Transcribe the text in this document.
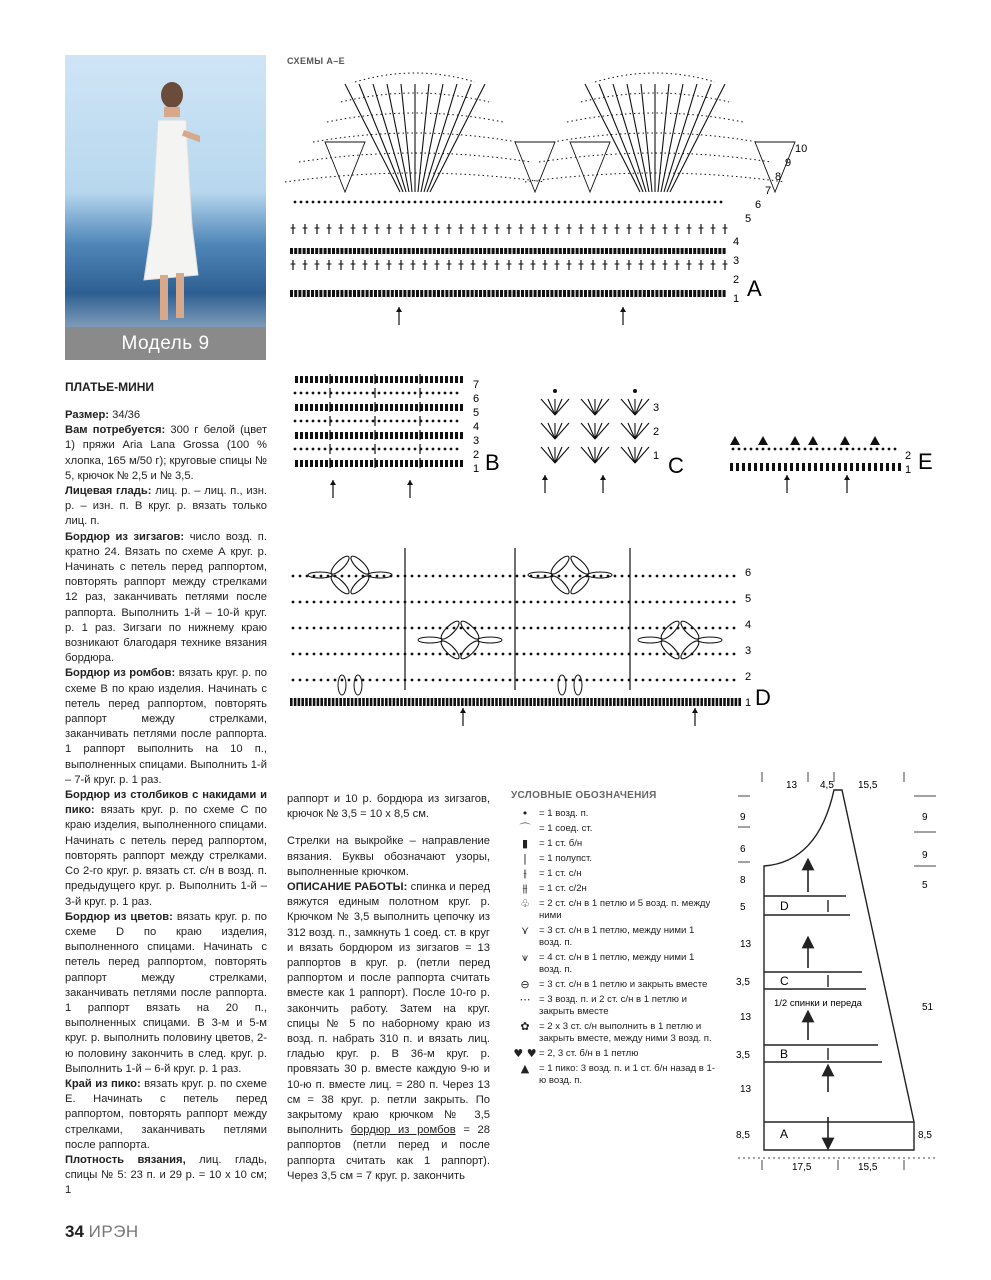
Модель 9
ПЛАТЬЕ-МИНИ

Размер: 34/36

Вам потребуется: 300 г белой (цвет 1) пряжи Aria Lana Grossa (100 % хлопка, 165 м/50 г); круговые спицы № 5, крючок № 2,5 и № 3,5.

Лицевая гладь: лиц. р. – лиц. п., изн. р. – изн. п. В круг. р. вязать только лиц. п.

Бордюр из зигзагов: число возд. п. кратно 24. Вязать по схеме А круг. р. Начинать с петель перед раппортом, повторять раппорт между стрелками 12 раз, заканчивать петлями после раппорта. Выполнить 1-й – 10-й круг. р. 1 раз. Зигзаги по нижнему краю возникают благодаря технике вязания бордюра.

Бордюр из ромбов: вязать круг. р. по схеме В по краю изделия. Начинать с петель перед раппортом, повторять раппорт между стрелками, заканчивать петлями после раппорта. 1 раппорт выполнить на 10 п., выполненных спицами. Выполнить 1-й – 7-й круг. р. 1 раз.

Бордюр из столбиков с накидами и пико: вязать круг. р. по схеме С по краю изделия, выполненного спицами. Начинать с петель перед раппортом, повторять раппорт между стрелками. Со 2-го круг. р. вязать ст. с/н в возд. п. предыдущего круг. р. Выполнить 1-й – 3-й круг. р. 1 раз.

Бордюр из цветов: вязать круг. р. по схеме D по краю изделия, выполненного спицами. Начинать с петель перед раппортом, повторять раппорт между стрелками, заканчивать петлями после раппорта. 1 раппорт вязать на 20 п., выполненных спицами. В 3-м и 5-м круг. р. выполнить половину цветов, 2-ю половину закончить в след. круг. р. Выполнить 1-й – 6-й круг. р. 1 раз.

Край из пико: вязать круг. р. по схеме Е. Начинать с петель перед раппортом, повторять раппорт между стрелками, заканчивать петлями после раппорта.

Плотность вязания, лиц. гладь, спицы № 5: 23 п. и 29 р. = 10 х 10 см; 1

раппорт и 10 р. бордюра из зигзагов, крючок № 3,5 = 10 х 8,5 см.

Стрелки на выкройке – направление вязания. Буквы обозначают узоры, выполненные крючком.

ОПИСАНИЕ РАБОТЫ: спинка и перед вяжутся единым полотном круг. р. Крючком № 3,5 выполнить цепочку из 312 возд. п., замкнуть 1 соед. ст. в круг и вязать бордюром из зигзагов = 13 раппортов в круг. р. (петли перед раппортом и после раппорта считать вместе как 1 раппорт). После 10-го р. закончить работу. Затем на круг. спицы № 5 по наборному краю из возд. п. набрать 310 п. и вязать лиц. гладью круг. р. В 36-м круг. р. провязать 30 р. вместе каждую 9-ю и 10-ю п. вместе лиц. = 280 п. Через 13 см = 38 круг. р. петли закрыть. По закрытому краю крючком № 3,5 выполнить бордюр из ромбов = 28 раппортов (петли перед и после раппорта считать как 1 раппорт). Через 3,5 см = 7 круг. р. закончить

СХЕМЫ А–Е
A
1
2
3
4
5
6
7
8
9
10
B
1
2
3
4
5
6
7
C
1
2
3
E
1
2
D
1
2
3
4
5
6
УСЛОВНЫЕ ОБОЗНАЧЕНИЯ
•	= 1 возд. п.
⌒ = 1 соед. ст.
▮	= 1 ст. б/н
|	= 1 полупст.
⫲	= 1 ст. с/н
⫵	= 1 ст. с/2н
♧ = 2 ст. с/н в 1 петлю и 5 возд. п. между ними
⋎	= 3 ст. с/н в 1 петлю, между ними 1 возд. п.
⩛	= 4 ст. с/н в 1 петлю, между ними 1 возд. п.
⊖ = 3 ст. с/н в 1 петлю и закрыть вместе
⋯ = 3 возд. п. и 2 ст. с/н в 1 петлю и закрыть вместе
✿ = 2 х 3 ст. с/н выполнить в 1 петлю и закрыть вместе, между ними 3 возд. п.
♥ ♥ = 2, 3 ст. б/н в 1 петлю
▲	= 1 пико: 3 возд. п. и 1 ст. б/н назад в 1-ю возд. п.
D
C
B
A
1/2 спинки и переда
13 4,5 15,5
17,5	15,5
9
6
8
5
13
3,5
13
3,5
13
8,5
9
9
5
51
8,5
34 ИРЭН
